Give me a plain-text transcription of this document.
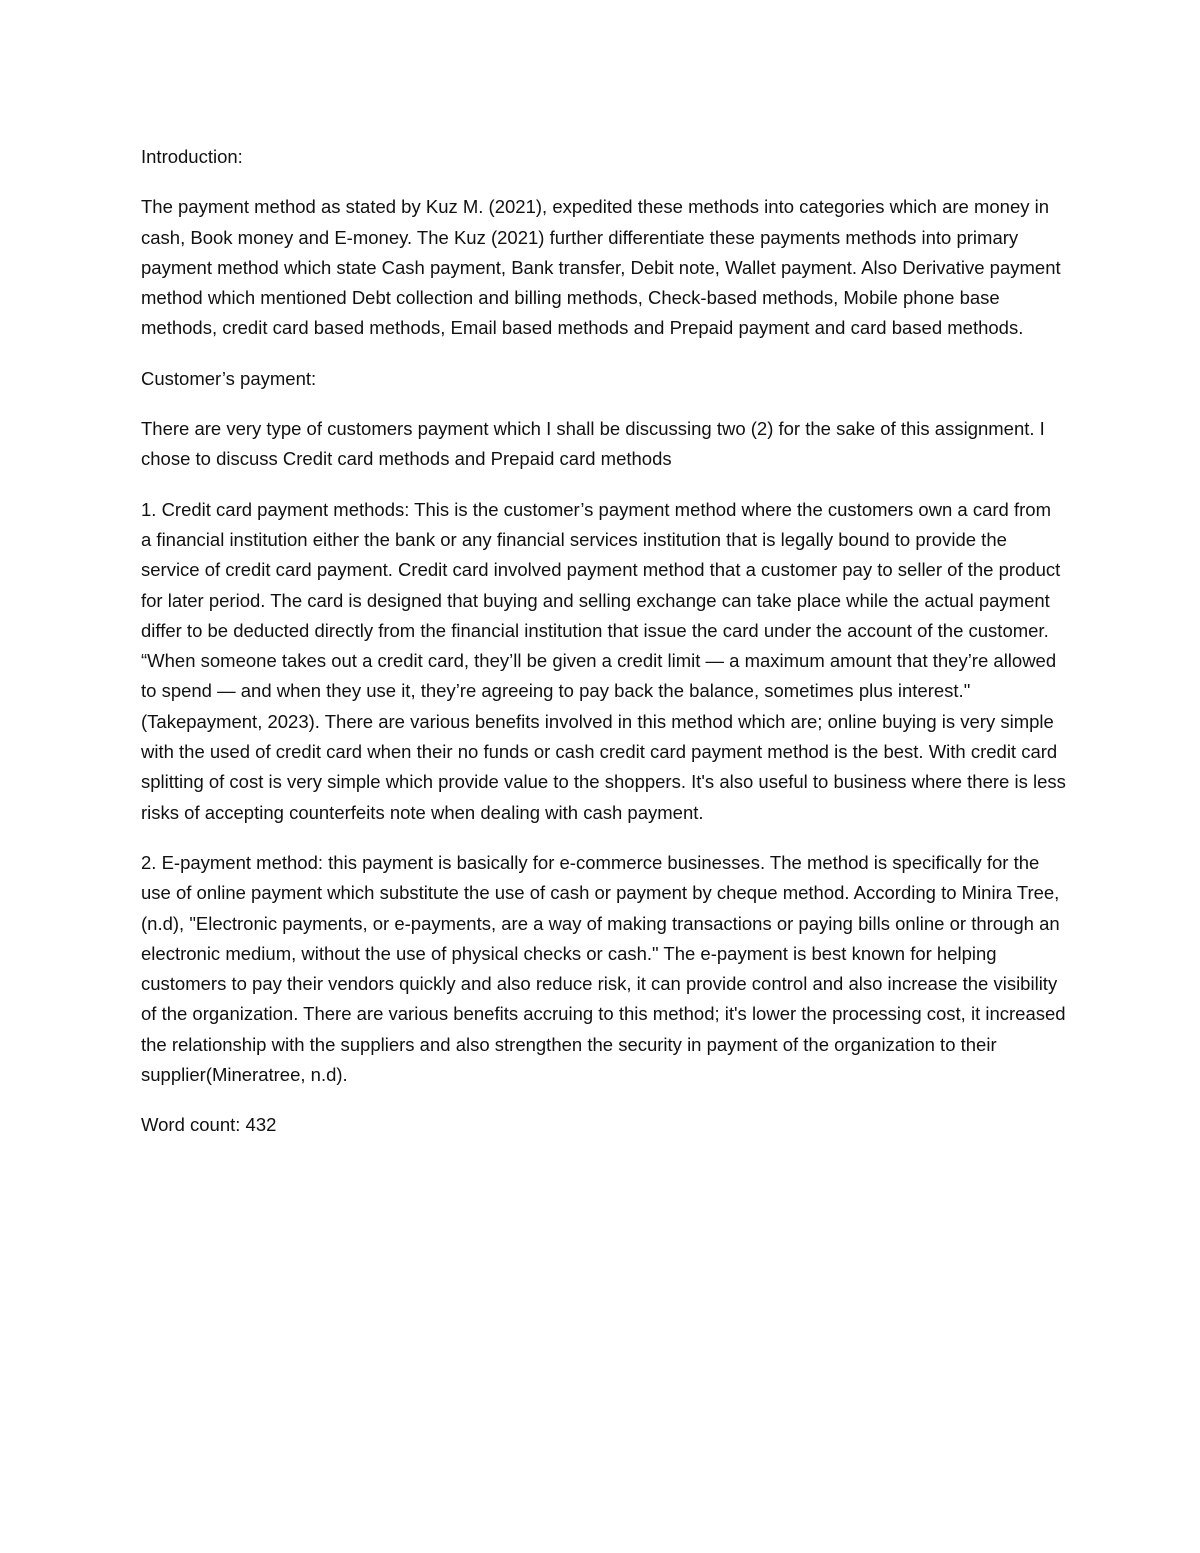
Introduction:

The payment method as stated by Kuz M. (2021), expedited these methods into categories which are money in cash, Book money and E-money. The Kuz (2021) further differentiate these payments methods into primary payment method which state Cash payment, Bank transfer, Debit note, Wallet payment. Also Derivative payment method which mentioned Debt collection and billing methods, Check-based methods, Mobile phone base methods, credit card based methods, Email based methods and Prepaid payment and card based methods.

Customer’s payment:

There are very type of customers payment which I shall be discussing two (2) for the sake of this assignment. I chose to discuss Credit card methods and Prepaid card methods

1. Credit card payment methods: This is the customer’s payment method where the customers own a card from a financial institution either the bank or any financial services institution that is legally bound to provide the service of credit card payment. Credit card involved payment method that a customer pay to seller of the product for later period. The card is designed that buying and selling exchange can take place while the actual payment differ to be deducted directly from the financial institution that issue the card under the account of the customer. “When someone takes out a credit card, they’ll be given a credit limit — a maximum amount that they’re allowed to spend — and when they use it, they’re agreeing to pay back the balance, sometimes plus interest." (Takepayment, 2023). There are various benefits involved in this method which are; online buying is very simple with the used of credit card when their no funds or cash credit card payment method is the best. With credit card splitting of cost is very simple which provide value to the shoppers. It's also useful to business where there is less risks of accepting counterfeits note when dealing with cash payment.

2. E-payment method: this payment is basically for e-commerce businesses. The method is specifically for the use of online payment which substitute the use of cash or payment by cheque method. According to Minira Tree,(n.d), "Electronic payments, or e-payments, are a way of making transactions or paying bills online or through an electronic medium, without the use of physical checks or cash." The e-payment is best known for helping customers to pay their vendors quickly and also reduce risk, it can provide control and also increase the visibility of the organization. There are various benefits accruing to this method; it's lower the processing cost, it increased the relationship with the suppliers and also strengthen the security in payment of the organization to their supplier(Mineratree, n.d).

Word count: 432
